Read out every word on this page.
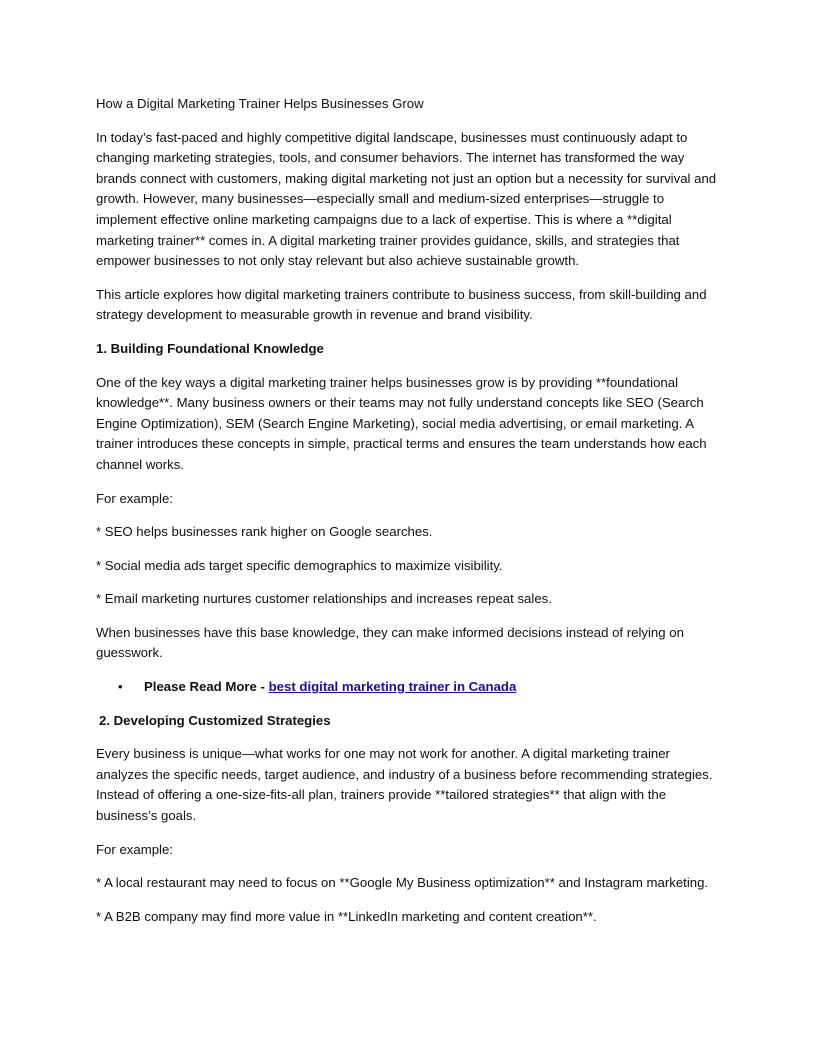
How a Digital Marketing Trainer Helps Businesses Grow

In today’s fast-paced and highly competitive digital landscape, businesses must continuously adapt to changing marketing strategies, tools, and consumer behaviors. The internet has transformed the way brands connect with customers, making digital marketing not just an option but a necessity for survival and growth. However, many businesses—especially small and medium-sized enterprises—struggle to implement effective online marketing campaigns due to a lack of expertise. This is where a **digital marketing trainer** comes in. A digital marketing trainer provides guidance, skills, and strategies that empower businesses to not only stay relevant but also achieve sustainable growth.

This article explores how digital marketing trainers contribute to business success, from skill-building and strategy development to measurable growth in revenue and brand visibility.

1. Building Foundational Knowledge

One of the key ways a digital marketing trainer helps businesses grow is by providing **foundational knowledge**. Many business owners or their teams may not fully understand concepts like SEO (Search Engine Optimization), SEM (Search Engine Marketing), social media advertising, or email marketing. A trainer introduces these concepts in simple, practical terms and ensures the team understands how each channel works.

For example:

* SEO helps businesses rank higher on Google searches.

* Social media ads target specific demographics to maximize visibility.

* Email marketing nurtures customer relationships and increases repeat sales.

When businesses have this base knowledge, they can make informed decisions instead of relying on guesswork.

• Please Read More - best digital marketing trainer in Canada

2. Developing Customized Strategies

Every business is unique—what works for one may not work for another. A digital marketing trainer analyzes the specific needs, target audience, and industry of a business before recommending strategies. Instead of offering a one-size-fits-all plan, trainers provide **tailored strategies** that align with the business’s goals.

For example:

* A local restaurant may need to focus on **Google My Business optimization** and Instagram marketing.

* A B2B company may find more value in **LinkedIn marketing and content creation**.
